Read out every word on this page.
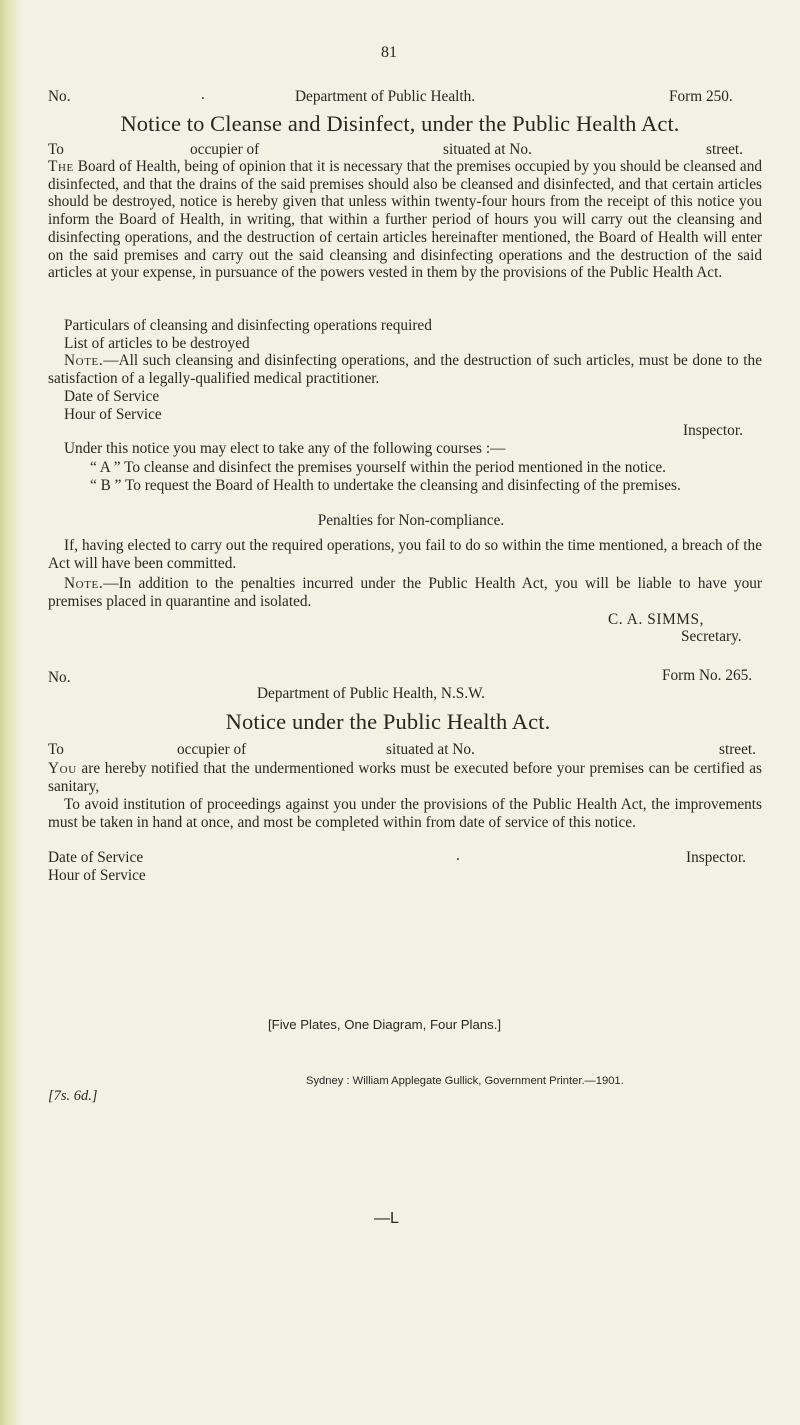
81
No.	.	Department of Public Health.	Form 250.
Notice to Cleanse and Disinfect, under the Public Health Act.
To	occupier of	situated at No.	street.
The Board of Health, being of opinion that it is necessary that the premises occupied by you should be cleansed and disinfected, and that the drains of the said premises should also be cleansed and disinfected, and that certain articles should be destroyed, notice is hereby given that unless within twenty-four hours from the receipt of this notice you inform the Board of Health, in writing, that within a further period of hours you will carry out the cleansing and disinfecting operations, and the destruction of certain articles hereinafter mentioned, the Board of Health will enter on the said premises and carry out the said cleansing and disinfecting operations and the destruction of the said articles at your expense, in pursuance of the powers vested in them by the provisions of the Public Health Act.
Particulars of cleansing and disinfecting operations required
List of articles to be destroyed
Note.—All such cleansing and disinfecting operations, and the destruction of such articles, must be done to the satisfaction of a legally-qualified medical practitioner.
Date of Service
Hour of Service
Inspector.
Under this notice you may elect to take any of the following courses :—
“ A ” To cleanse and disinfect the premises yourself within the period mentioned in the notice.
“ B ” To request the Board of Health to undertake the cleansing and disinfecting of the premises.
Penalties for Non-compliance.
If, having elected to carry out the required operations, you fail to do so within the time mentioned, a breach of the Act will have been committed.
Note.—In addition to the penalties incurred under the Public Health Act, you will be liable to have your premises placed in quarantine and isolated.
C. A. SIMMS,
Secretary.
No.	Form No. 265.
Department of Public Health, N.S.W.
Notice under the Public Health Act.
To	occupier of	situated at No.	street.
You are hereby notified that the undermentioned works must be executed before your premises can be certified as sanitary,
To avoid institution of proceedings against you under the provisions of the Public Health Act, the improvements must be taken in hand at once, and most be completed within from date of service of this notice.
Date of Service	.	Inspector.
Hour of Service
[Five Plates, One Diagram, Four Plans.]
Sydney : William Applegate Gullick, Government Printer.—1901.
[7s. 6d.]
—L
